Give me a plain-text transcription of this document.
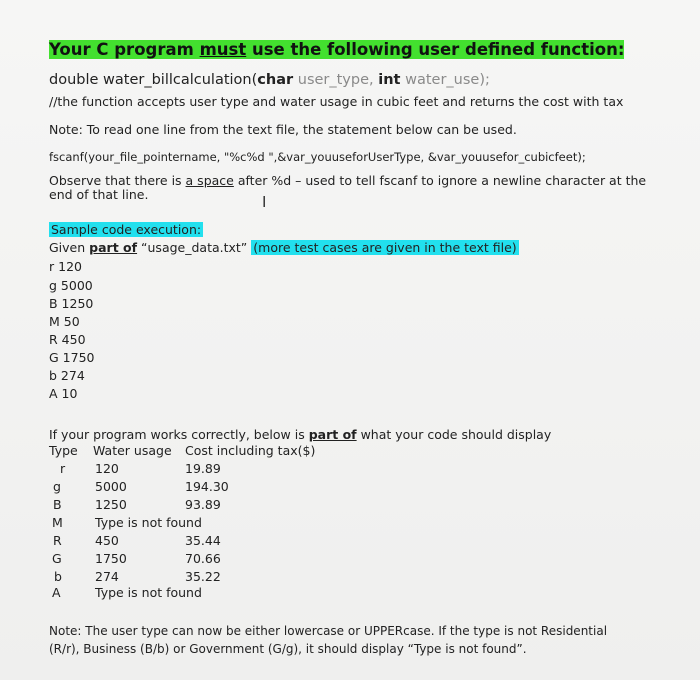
Your C program must use the following user defined function:
double water_billcalculation(char user_type, int water_use);
//the function accepts user type and water usage in cubic feet and returns the cost with tax
Note: To read one line from the text file, the statement below can be used.
fscanf(your_file_pointername, "%c%d ",&var_youuseforUserType, &var_youusefor_cubicfeet);
Observe that there is a space after %d – used to tell fscanf to ignore a newline character at the
end of that line.	I
Sample code execution:
Given part of “usage_data.txt” (more test cases are given in the text file)
r 120
g 5000
B 1250
M 50
R 450
G 1750
b 274
A 10
If your program works correctly, below is part of what your code should display
Type Water usage Cost including tax($)
r 120	19.89
g	5000	194.30
B	1250	93.89
M	Type is not found
R	450	35.44
G	1750	70.66
b	274	35.22
A	Type is not found
Note: The user type can now be either lowercase or UPPERcase. If the type is not Residential
(R/r), Business (B/b) or Government (G/g), it should display “Type is not found”.
